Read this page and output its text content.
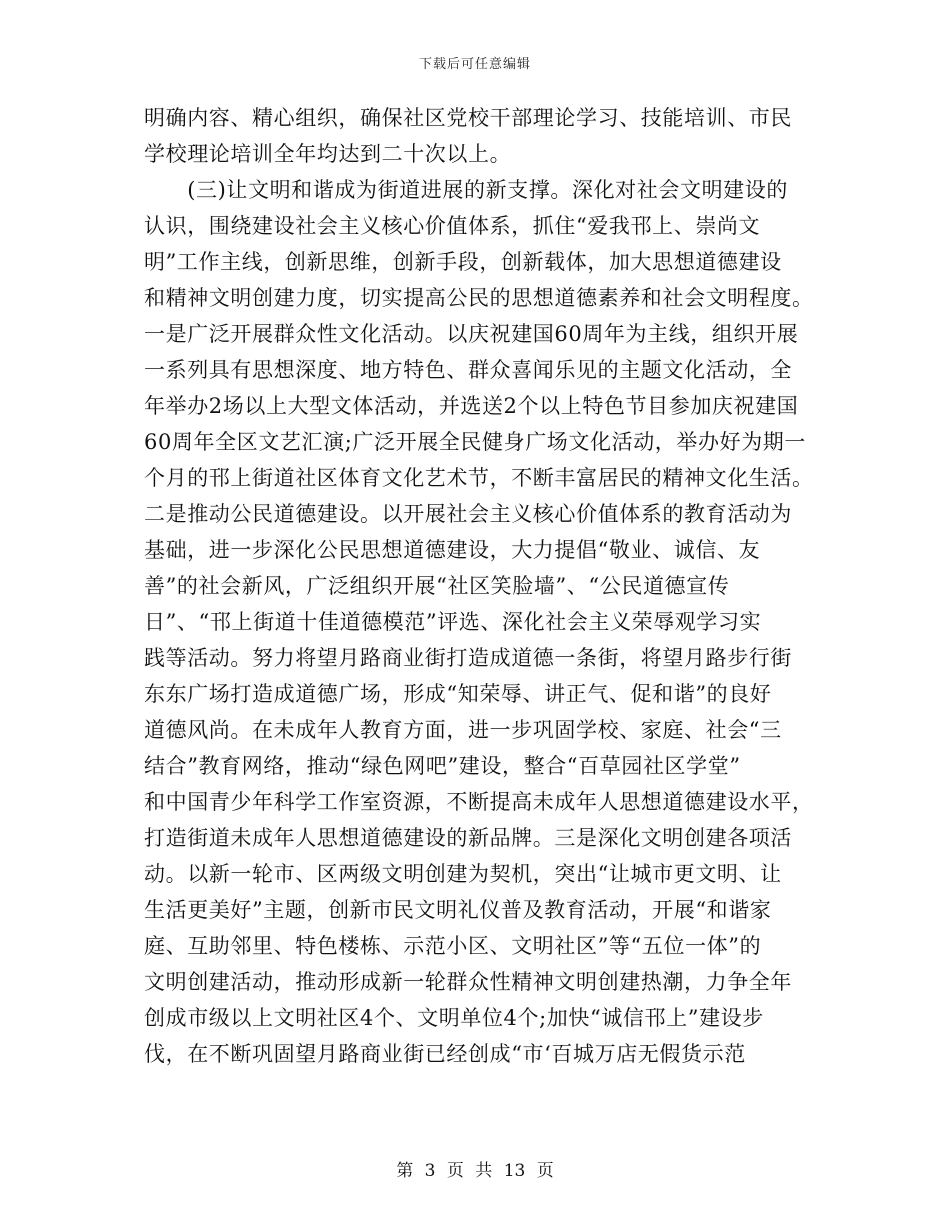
下载后可任意编辑
明确内容、精心组织，确保社区党校干部理论学习、技能培训、市民
学校理论培训全年均达到二十次以上。
　　(三)让文明和谐成为街道进展的新支撑。深化对社会文明建设的
认识，围绕建设社会主义核心价值体系，抓住“爱我邗上、崇尚文
明”工作主线，创新思维，创新手段，创新载体，加大思想道德建设
和精神文明创建力度，切实提高公民的思想道德素养和社会文明程度。
一是广泛开展群众性文化活动。以庆祝建国60周年为主线，组织开展
一系列具有思想深度、地方特色、群众喜闻乐见的主题文化活动，全
年举办2场以上大型文体活动，并选送2个以上特色节目参加庆祝建国
60周年全区文艺汇演;广泛开展全民健身广场文化活动，举办好为期一
个月的邗上街道社区体育文化艺术节，不断丰富居民的精神文化生活。
二是推动公民道德建设。以开展社会主义核心价值体系的教育活动为
基础，进一步深化公民思想道德建设，大力提倡“敬业、诚信、友
善”的社会新风，广泛组织开展“社区笑脸墙”、“公民道德宣传
日”、“邗上街道十佳道德模范”评选、深化社会主义荣辱观学习实
践等活动。努力将望月路商业街打造成道德一条街，将望月路步行街
东东广场打造成道德广场，形成“知荣辱、讲正气、促和谐”的良好
道德风尚。在未成年人教育方面，进一步巩固学校、家庭、社会“三
结合”教育网络，推动“绿色网吧”建设，整合“百草园社区学堂”
和中国青少年科学工作室资源，不断提高未成年人思想道德建设水平，
打造街道未成年人思想道德建设的新品牌。三是深化文明创建各项活
动。以新一轮市、区两级文明创建为契机，突出“让城市更文明、让
生活更美好”主题，创新市民文明礼仪普及教育活动，开展“和谐家
庭、互助邻里、特色楼栋、示范小区、文明社区”等“五位一体”的
文明创建活动，推动形成新一轮群众性精神文明创建热潮，力争全年
创成市级以上文明社区4个、文明单位4个;加快“诚信邗上”建设步
伐，在不断巩固望月路商业街已经创成“市‘百城万店无假货示范
第 3 页 共 13 页
